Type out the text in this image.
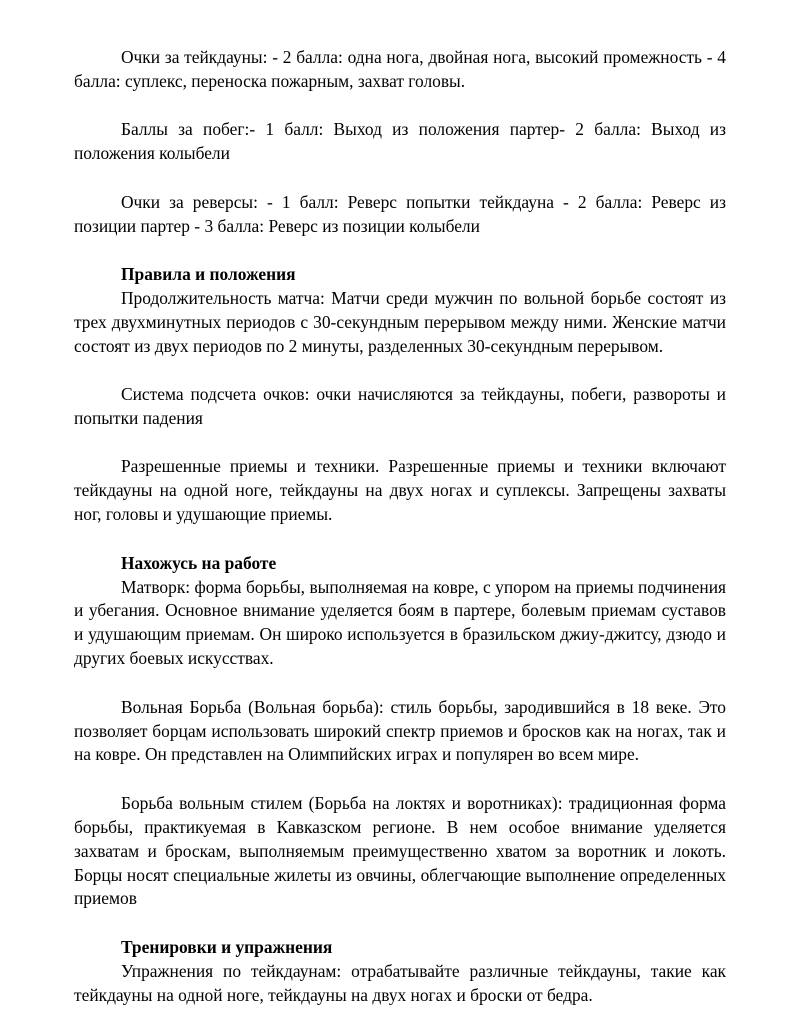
Очки за тейкдауны: - 2 балла: одна нога, двойная нога, высокий промежность - 4 балла: суплекс, переноска пожарным, захват головы.

Баллы за побег:- 1 балл: Выход из положения партер- 2 балла: Выход из положения колыбели

Очки за реверсы: - 1 балл: Реверс попытки тейкдауна - 2 балла: Реверс из позиции партер - 3 балла: Реверс из позиции колыбели

Правила и положения

Продолжительность матча: Матчи среди мужчин по вольной борьбе состоят из трех двухминутных периодов с 30-секундным перерывом между ними. Женские матчи состоят из двух периодов по 2 минуты, разделенных 30-секундным перерывом.

Система подсчета очков: очки начисляются за тейкдауны, побеги, развороты и попытки падения

Разрешенные приемы и техники. Разрешенные приемы и техники включают тейкдауны на одной ноге, тейкдауны на двух ногах и суплексы. Запрещены захваты ног, головы и удушающие приемы.

Нахожусь на работе

Матворк: форма борьбы, выполняемая на ковре, с упором на приемы подчинения и убегания. Основное внимание уделяется боям в партере, болевым приемам суставов и удушающим приемам. Он широко используется в бразильском джиу-джитсу, дзюдо и других боевых искусствах.

Вольная Борьба (Вольная борьба): стиль борьбы, зародившийся в 18 веке. Это позволяет борцам использовать широкий спектр приемов и бросков как на ногах, так и на ковре. Он представлен на Олимпийских играх и популярен во всем мире.

Борьба вольным стилем (Борьба на локтях и воротниках): традиционная форма борьбы, практикуемая в Кавказском регионе. В нем особое внимание уделяется захватам и броскам, выполняемым преимущественно хватом за воротник и локоть. Борцы носят специальные жилеты из овчины, облегчающие выполнение определенных приемов

Тренировки и упражнения

Упражнения по тейкдаунам: отрабатывайте различные тейкдауны, такие как тейкдауны на одной ноге, тейкдауны на двух ногах и броски от бедра.
